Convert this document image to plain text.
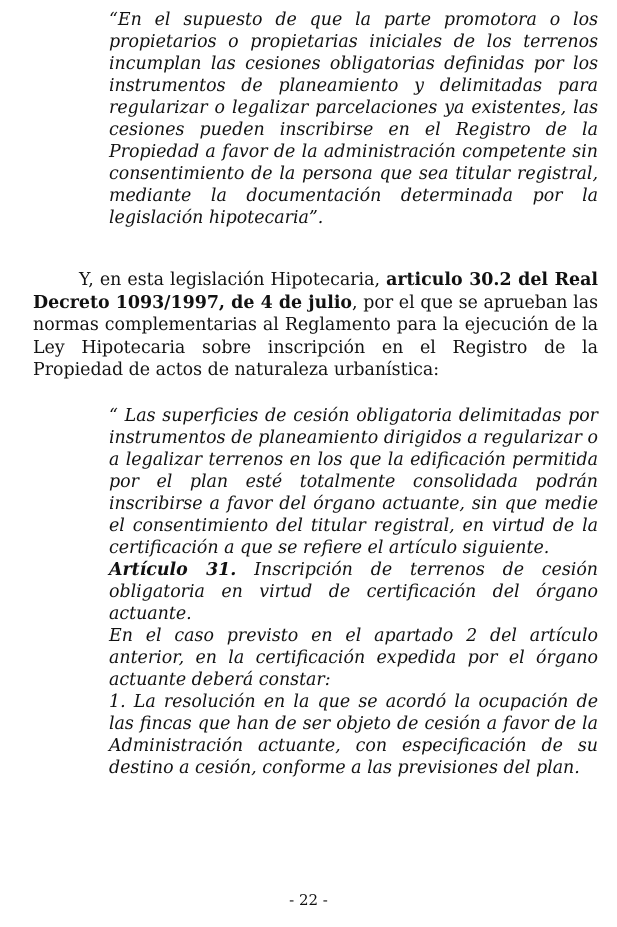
“En el supuesto de que la parte promotora o los propietarios o propietarias iniciales de los terrenos incumplan las cesiones obligatorias definidas por los instrumentos de planeamiento y delimitadas para regularizar o legalizar parcelaciones ya existentes, las cesiones pueden inscribirse en el Registro de la Propiedad a favor de la administración competente sin consentimiento de la persona que sea titular registral, mediante la documentación determinada por la legislación hipotecaria”.

Y, en esta legislación Hipotecaria, articulo 30.2 del Real Decreto 1093/1997, de 4 de julio, por el que se aprueban las normas complementarias al Reglamento para la ejecución de la Ley Hipotecaria sobre inscripción en el Registro de la Propiedad de actos de naturaleza urbanística:

“ Las superficies de cesión obligatoria delimitadas por instrumentos de planeamiento dirigidos a regularizar o a legalizar terrenos en los que la edificación permitida por el plan esté totalmente consolidada podrán inscribirse a favor del órgano actuante, sin que medie el consentimiento del titular registral, en virtud de la certificación a que se refiere el artículo siguiente.
Artículo 31. Inscripción de terrenos de cesión obligatoria en virtud de certificación del órgano actuante.
En el caso previsto en el apartado 2 del artículo anterior, en la certificación expedida por el órgano actuante deberá constar:
1. La resolución en la que se acordó la ocupación de las fincas que han de ser objeto de cesión a favor de la Administración actuante, con especificación de su destino a cesión, conforme a las previsiones del plan.
- 22 -
